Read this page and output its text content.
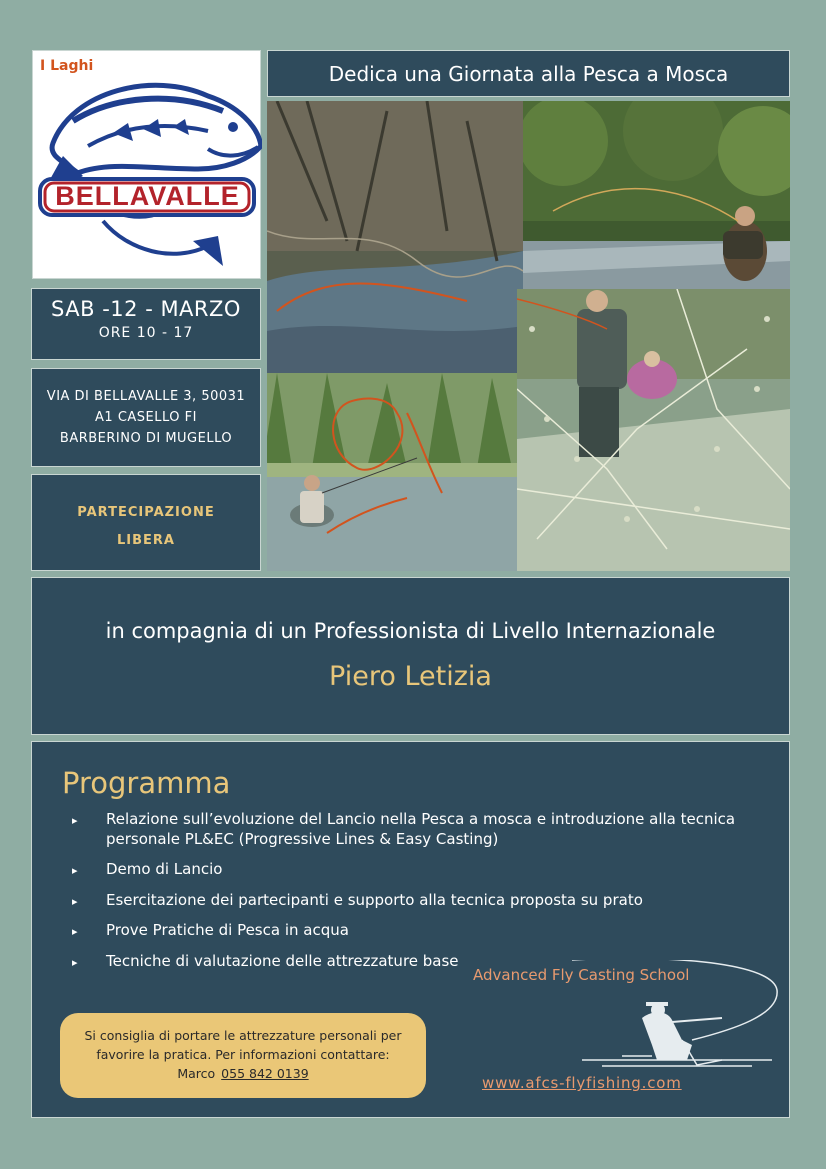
I Laghi
BELLAVALLE
Dedica una Giornata alla Pesca a Mosca
SAB -12 - MARZO
ORE 10 - 17
VIA DI BELLAVALLE 3, 50031
A1 CASELLO FI
BARBERINO DI MUGELLO
PARTECIPAZIONE
LIBERA
in compagnia di un Professionista di Livello Internazionale
Piero Letizia
Programma
▸ Relazione sull’evoluzione del Lancio nella Pesca a mosca e introduzione alla tecnica personale PL&EC (Progressive Lines & Easy Casting)
▸ Demo di Lancio
▸ Esercitazione dei partecipanti e supporto alla tecnica proposta su prato
▸ Prove Pratiche di Pesca in acqua
▸ Tecniche di valutazione delle attrezzature base
Advanced Fly Casting School
www.afcs-flyfishing.com
Si consiglia di portare le attrezzature personali per
favorire la pratica. Per informazioni contattare:
Marco 055 842 0139
